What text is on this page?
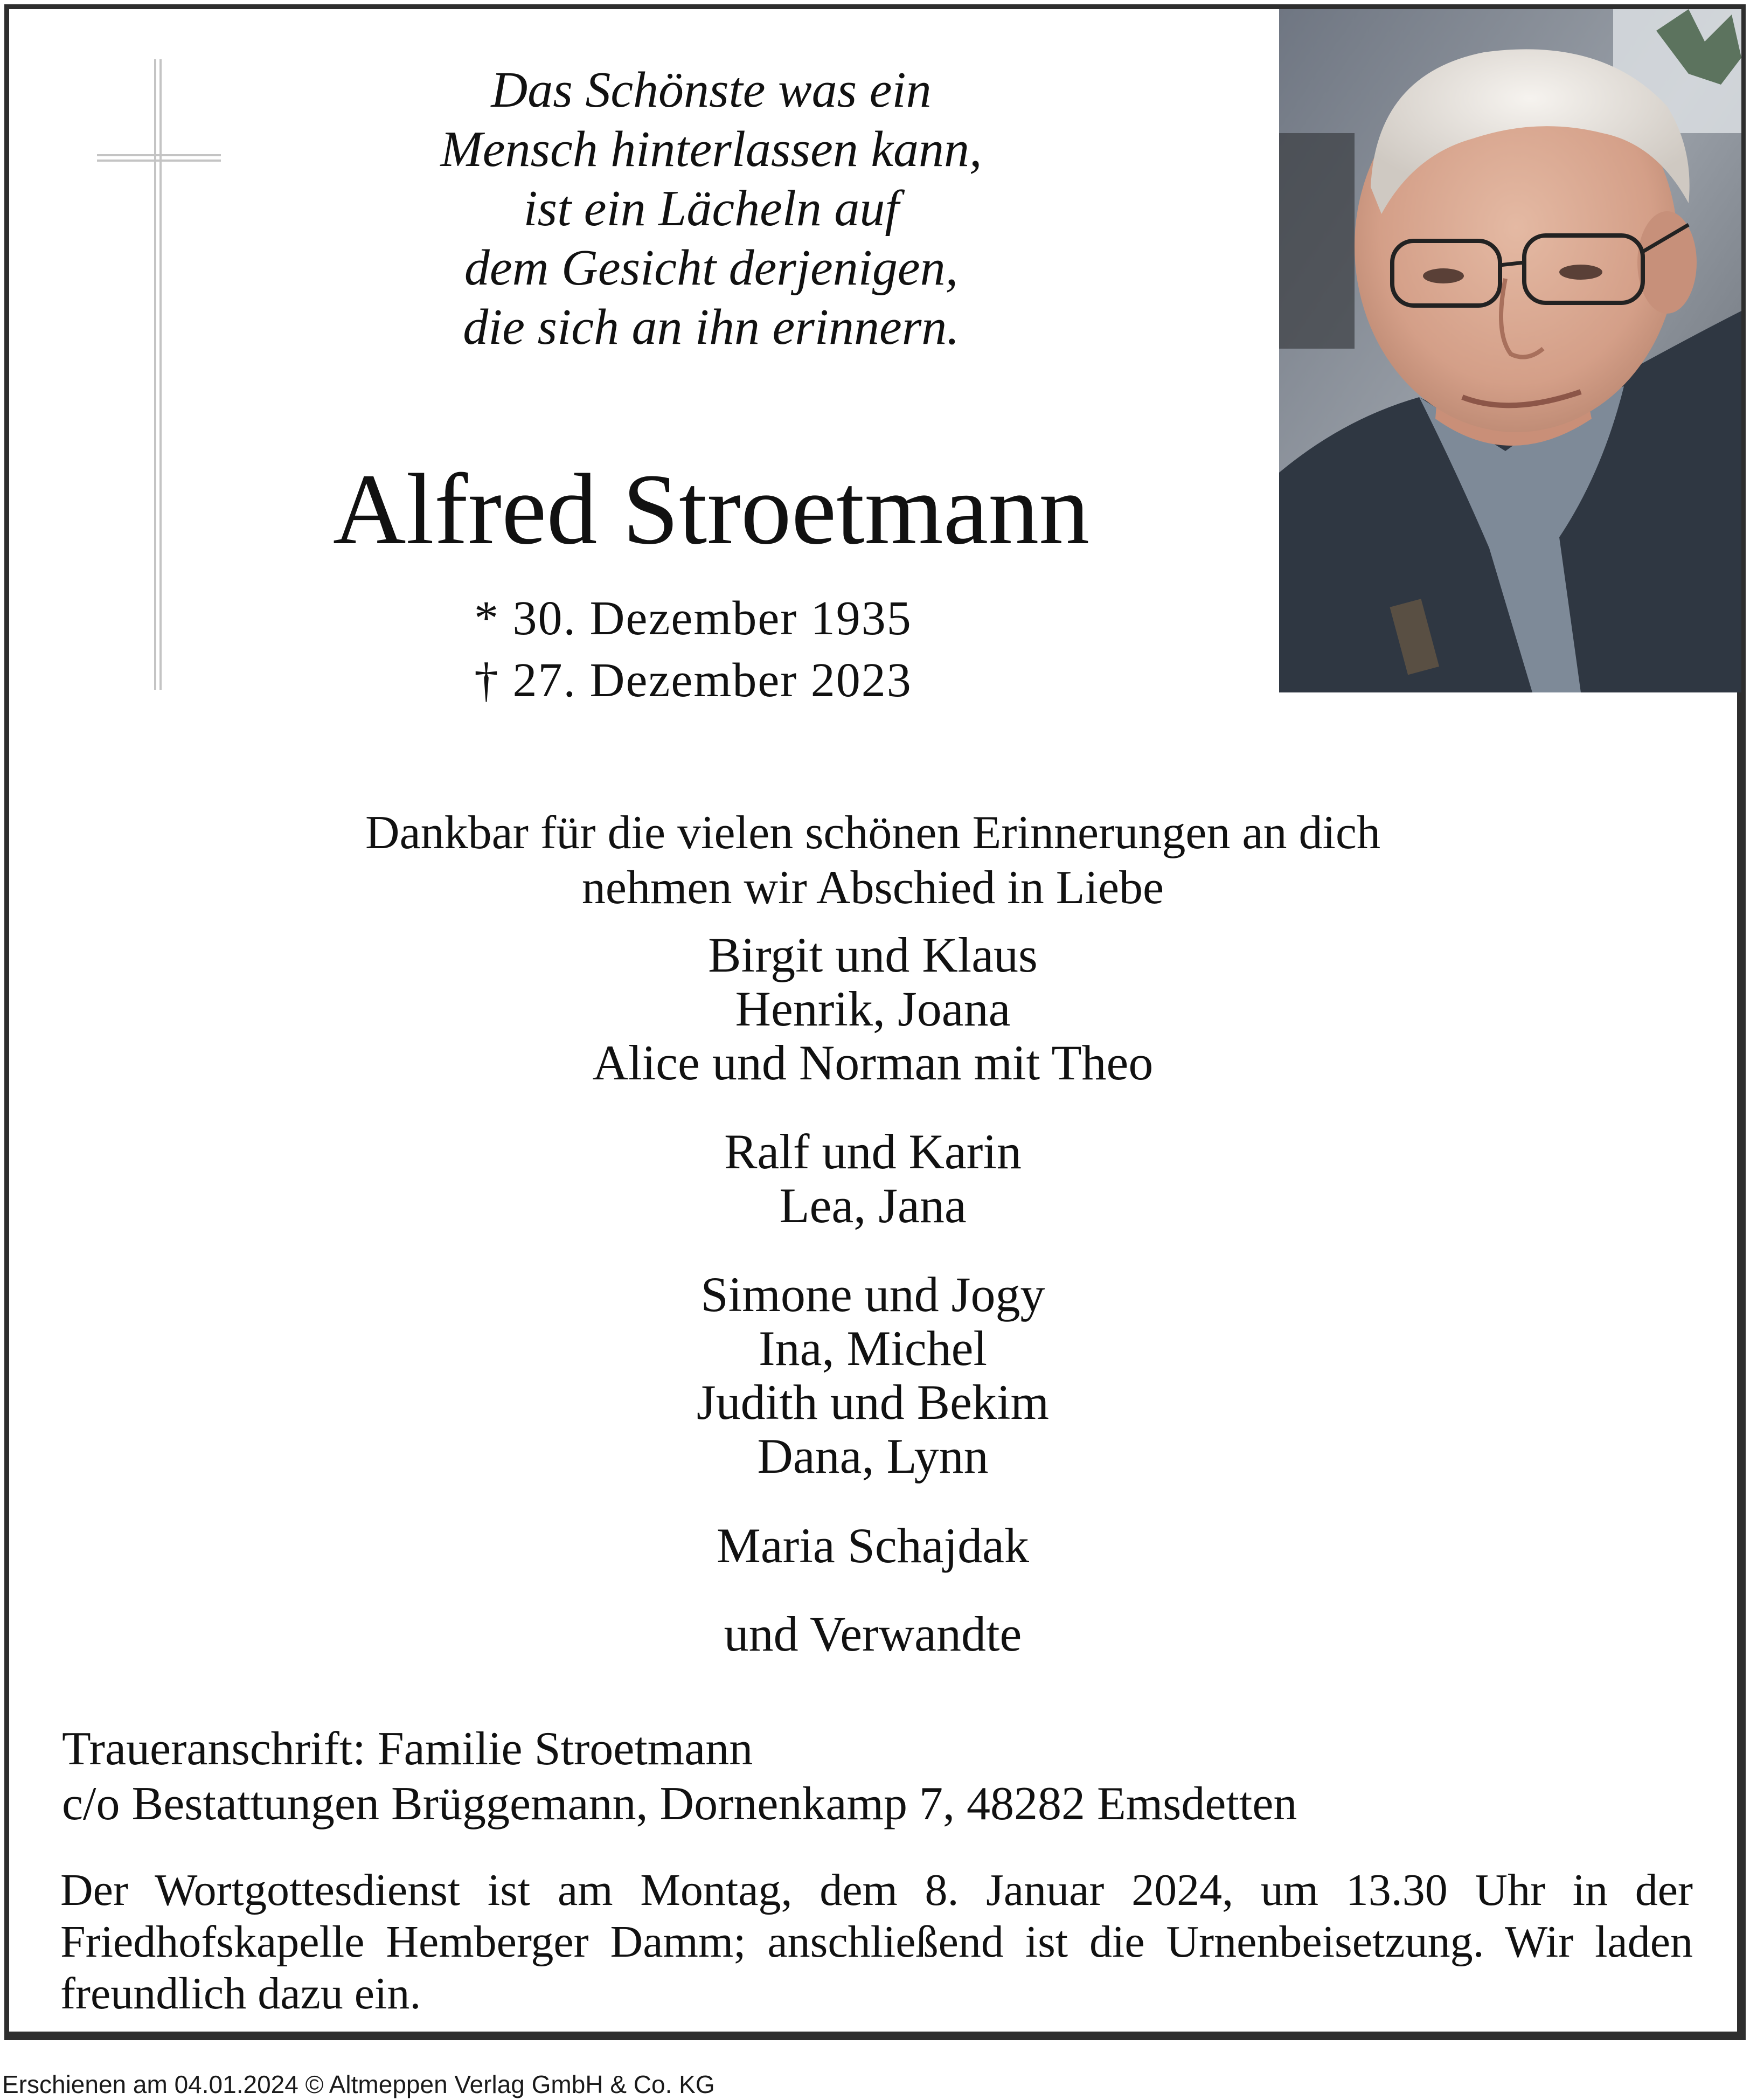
Das Schönste was ein
Mensch hinterlassen kann,
ist ein Lächeln auf
dem Gesicht derjenigen,
die sich an ihn erinnern.
Alfred Stroetmann
* 30. Dezember 1935
† 27. Dezember 2023
Dankbar für die vielen schönen Erinnerungen an dich
nehmen wir Abschied in Liebe
Birgit und Klaus
Henrik, Joana
Alice und Norman mit Theo
Ralf und Karin
Lea, Jana
Simone und Jogy
Ina, Michel
Judith und Bekim
Dana, Lynn
Maria Schajdak
und Verwandte
Traueranschrift: Familie Stroetmann
c/o Bestattungen Brüggemann, Dornenkamp 7, 48282 Emsdetten
Der Wortgottesdienst ist am Montag, dem 8. Januar 2024, um 13.30 Uhr in der
Friedhofskapelle Hemberger Damm; anschließend ist die Urnenbeisetzung. Wir laden
freundlich dazu ein.
Erschienen am 04.01.2024 © Altmeppen Verlag GmbH & Co. KG
